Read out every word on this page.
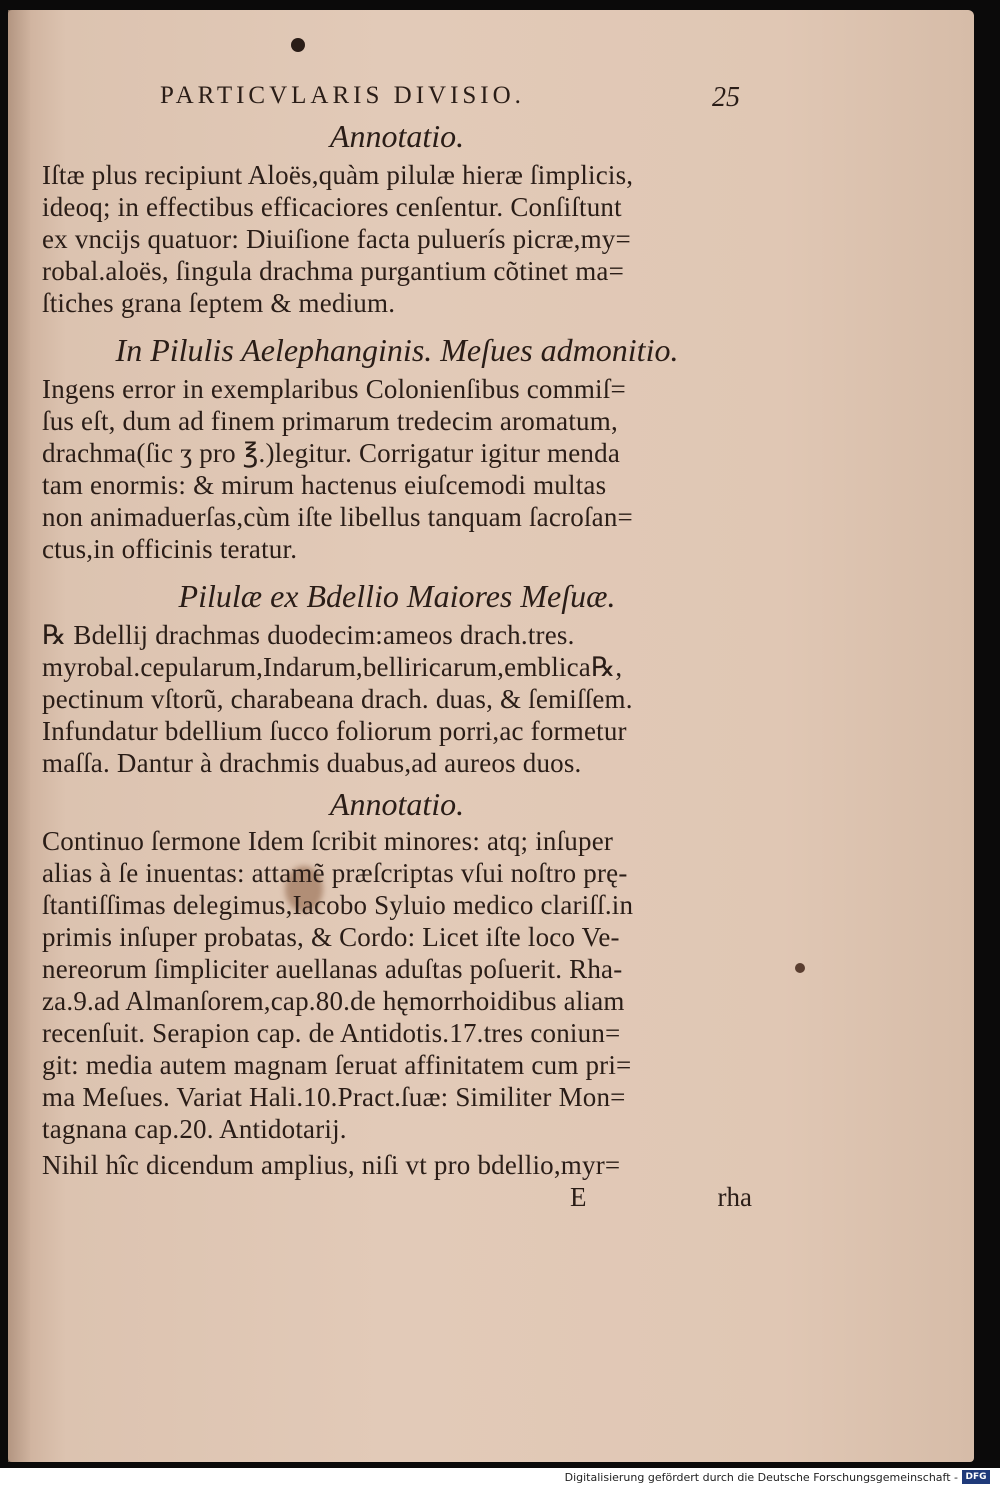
PARTICVLARIS DIVISIO.	25
Annotatio.
Iſtæ plus recipiunt Aloës,quàm pilulæ hieræ ſimplicis,
ideoq; in effectibus efficaciores cenſentur. Conſiſtunt
ex vncijs quatuor: Diuiſione facta puluerís picræ,my=
robal.aloës, ſingula drachma purgantium cõtinet ma=
ſtiches grana ſeptem & medium.
In Pilulis Aelephanginis. Meſues admonitio.
Ingens error in exemplaribus Colonienſibus commiſ=
ſus eſt, dum ad finem primarum tredecim aromatum,
drachma(ſic ʒ pro ℥.)legitur. Corrigatur igitur menda
tam enormis: & mirum hactenus eiuſcemodi multas
non animaduerſas,cùm iſte libellus tanquam ſacroſan=
ctus,in officinis teratur.
Pilulæ ex Bdellio Maiores Meſuæ.
℞ Bdellij drachmas duodecim:ameos drach.tres.
myrobal.cepularum,Indarum,belliricarum,emblica℞,
pectinum vſtorũ, charabeana drach. duas, & ſemiſſem.
Infundatur bdellium ſucco foliorum porri,ac formetur
maſſa. Dantur à drachmis duabus,ad aureos duos.
Annotatio.
Continuo ſermone Idem ſcribit minores: atq; inſuper
alias à ſe inuentas: attamẽ præſcriptas vſui noſtro prę-
ſtantiſſimas delegimus,Iacobo Syluio medico clariſſ.in
primis inſuper probatas, & Cordo: Licet iſte loco Ve-
nereorum ſimpliciter auellanas aduſtas poſuerit. Rha-
za.9.ad Almanſorem,cap.80.de hęmorrhoidibus aliam
recenſuit. Serapion cap. de Antidotis.17.tres coniun=
git: media autem magnam ſeruat affinitatem cum pri=
ma Meſues. Variat Hali.10.Pract.ſuæ: Similiter Mon=
tagnana cap.20. Antidotarij.
Nihil hîc dicendum amplius, niſi vt pro bdellio,myr=
E	rha
Digitalisierung gefördert durch die Deutsche Forschungsgemeinschaft - DFG
